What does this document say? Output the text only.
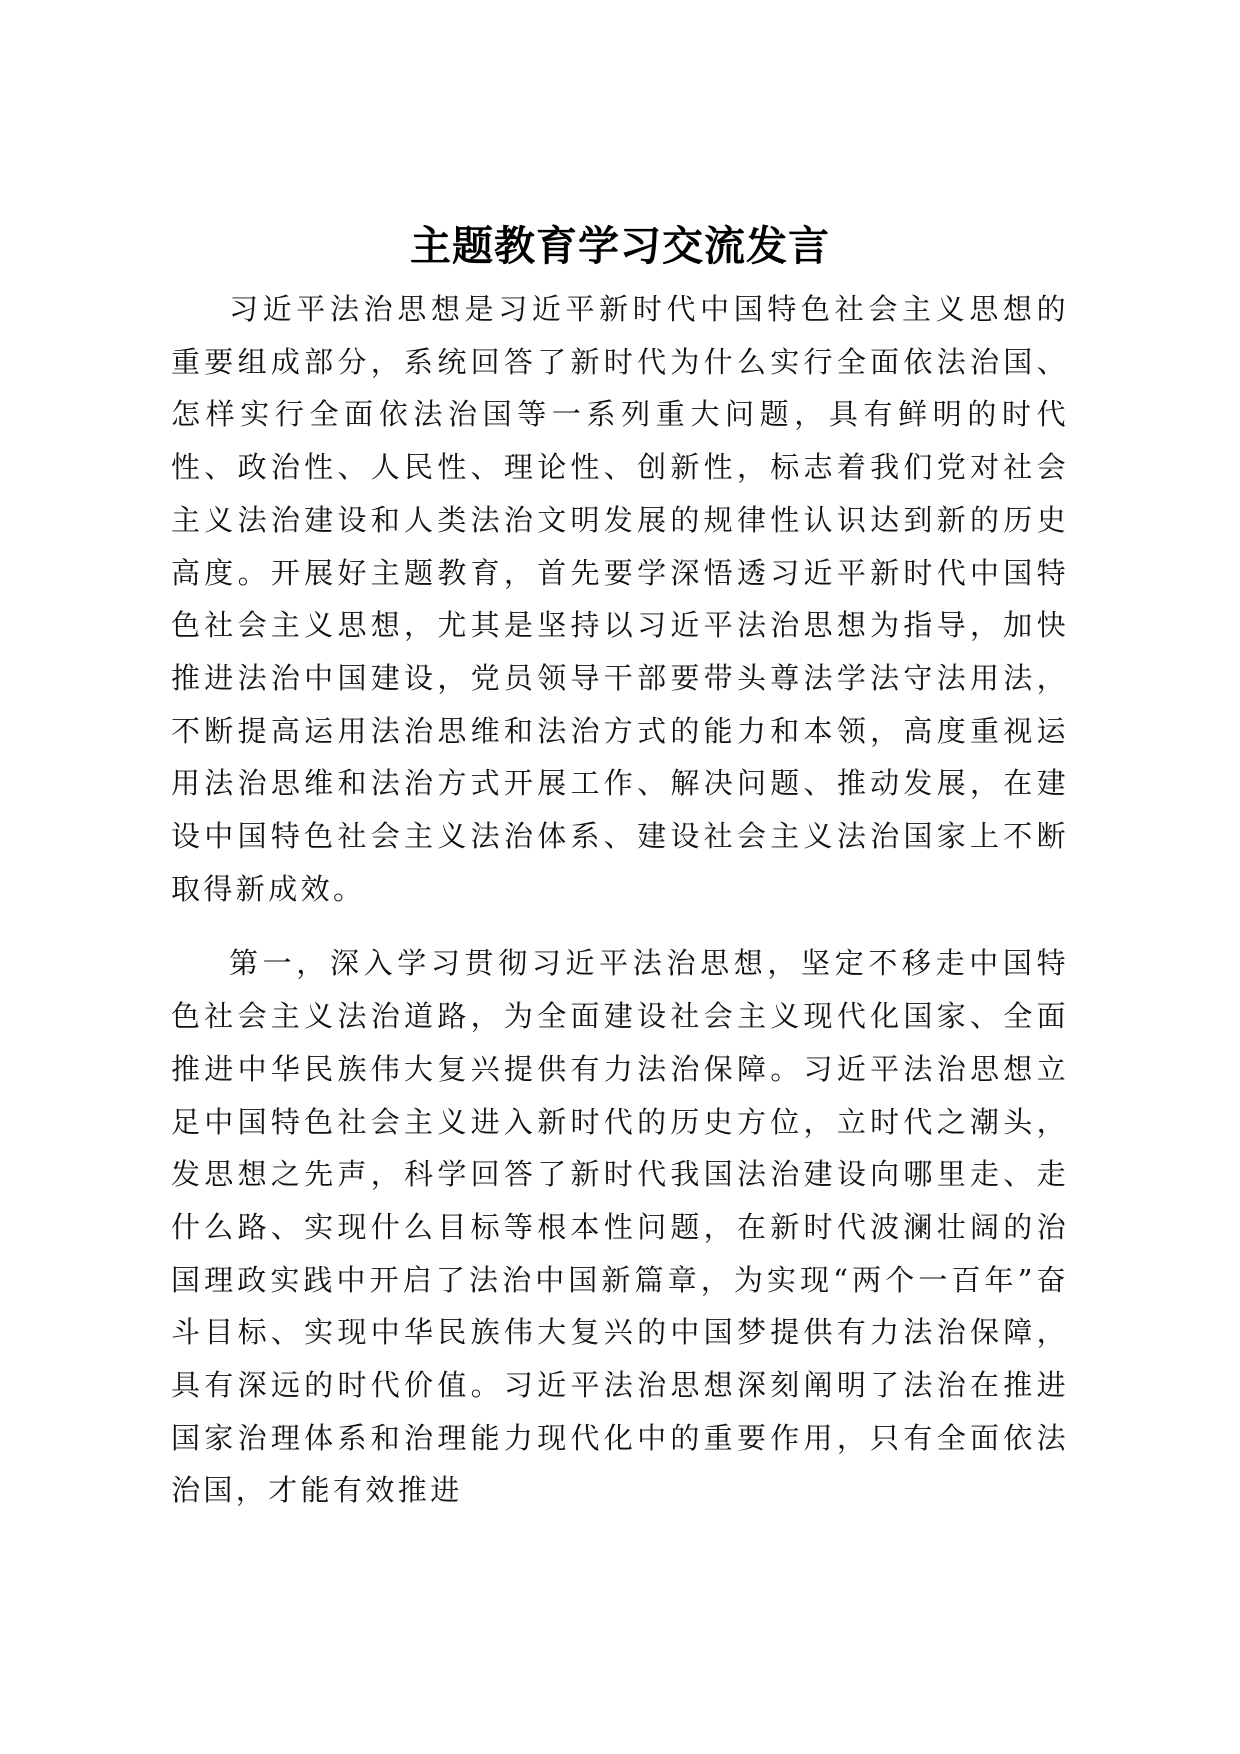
主题教育学习交流发言

习近平法治思想是习近平新时代中国特色社会主义思想的重要组成部分，系统回答了新时代为什么实行全面依法治国、怎样实行全面依法治国等一系列重大问题，具有鲜明的时代性、政治性、人民性、理论性、创新性，标志着我们党对社会主义法治建设和人类法治文明发展的规律性认识达到新的历史高度。开展好主题教育，首先要学深悟透习近平新时代中国特色社会主义思想，尤其是坚持以习近平法治思想为指导，加快推进法治中国建设，党员领导干部要带头尊法学法守法用法，不断提高运用法治思维和法治方式的能力和本领，高度重视运用法治思维和法治方式开展工作、解决问题、推动发展，在建设中国特色社会主义法治体系、建设社会主义法治国家上不断取得新成效。

第一，深入学习贯彻习近平法治思想，坚定不移走中国特色社会主义法治道路，为全面建设社会主义现代化国家、全面推进中华民族伟大复兴提供有力法治保障。习近平法治思想立足中国特色社会主义进入新时代的历史方位，立时代之潮头，发思想之先声，科学回答了新时代我国法治建设向哪里走、走什么路、实现什么目标等根本性问题，在新时代波澜壮阔的治国理政实践中开启了法治中国新篇章，为实现“两个一百年”奋斗目标、实现中华民族伟大复兴的中国梦提供有力法治保障，具有深远的时代价值。习近平法治思想深刻阐明了法治在推进国家治理体系和治理能力现代化中的重要作用，只有全面依法治国，才能有效推进
